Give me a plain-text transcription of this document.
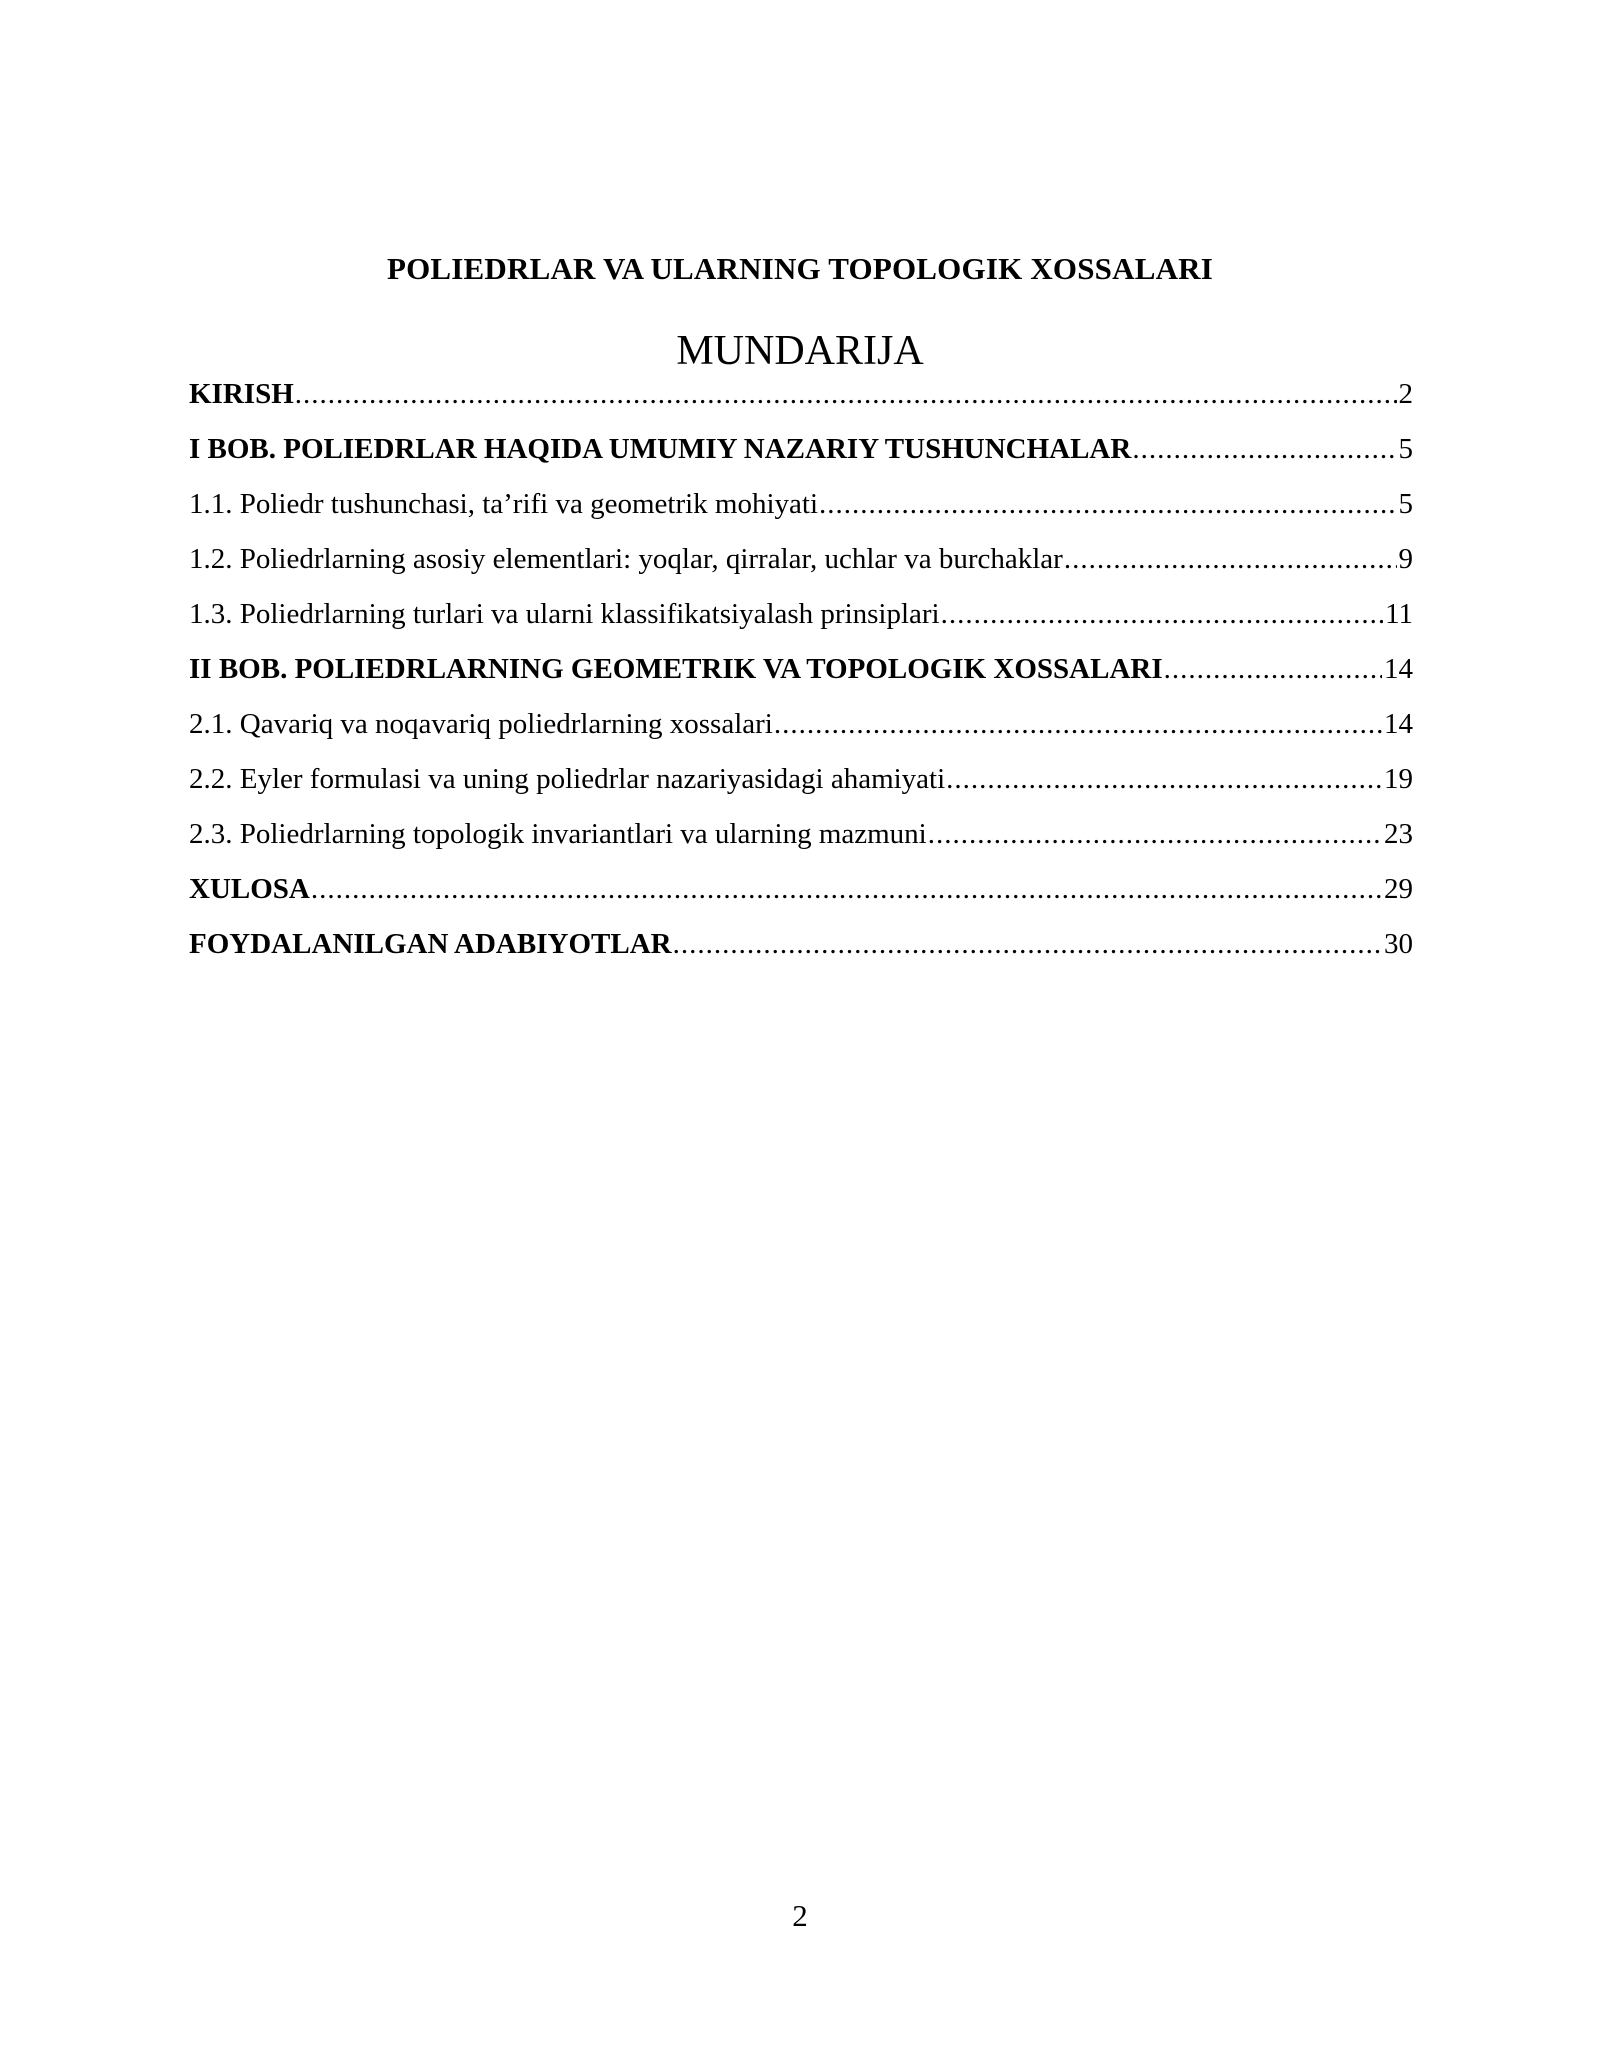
POLIEDRLAR VA ULARNING TOPOLOGIK XOSSALARI
MUNDARIJA
KIRISH .....	2
I BOB. POLIEDRLAR HAQIDA UMUMIY NAZARIY TUSHUNCHALAR .....	5
1.1. Poliedr tushunchasi, ta’rifi va geometrik mohiyati .....	5
1.2. Poliedrlarning asosiy elementlari: yoqlar, qirralar, uchlar va burchaklar .....	9
1.3. Poliedrlarning turlari va ularni klassifikatsiyalash prinsiplari .....	11
II BOB. POLIEDRLARNING GEOMETRIK VA TOPOLOGIK XOSSALARI .....	14
2.1. Qavariq va noqavariq poliedrlarning xossalari .....	14
2.2. Eyler formulasi va uning poliedrlar nazariyasidagi ahamiyati .....	19
2.3. Poliedrlarning topologik invariantlari va ularning mazmuni .....	23
XULOSA .....	29
FOYDALANILGAN ADABIYOTLAR .....	30
2
